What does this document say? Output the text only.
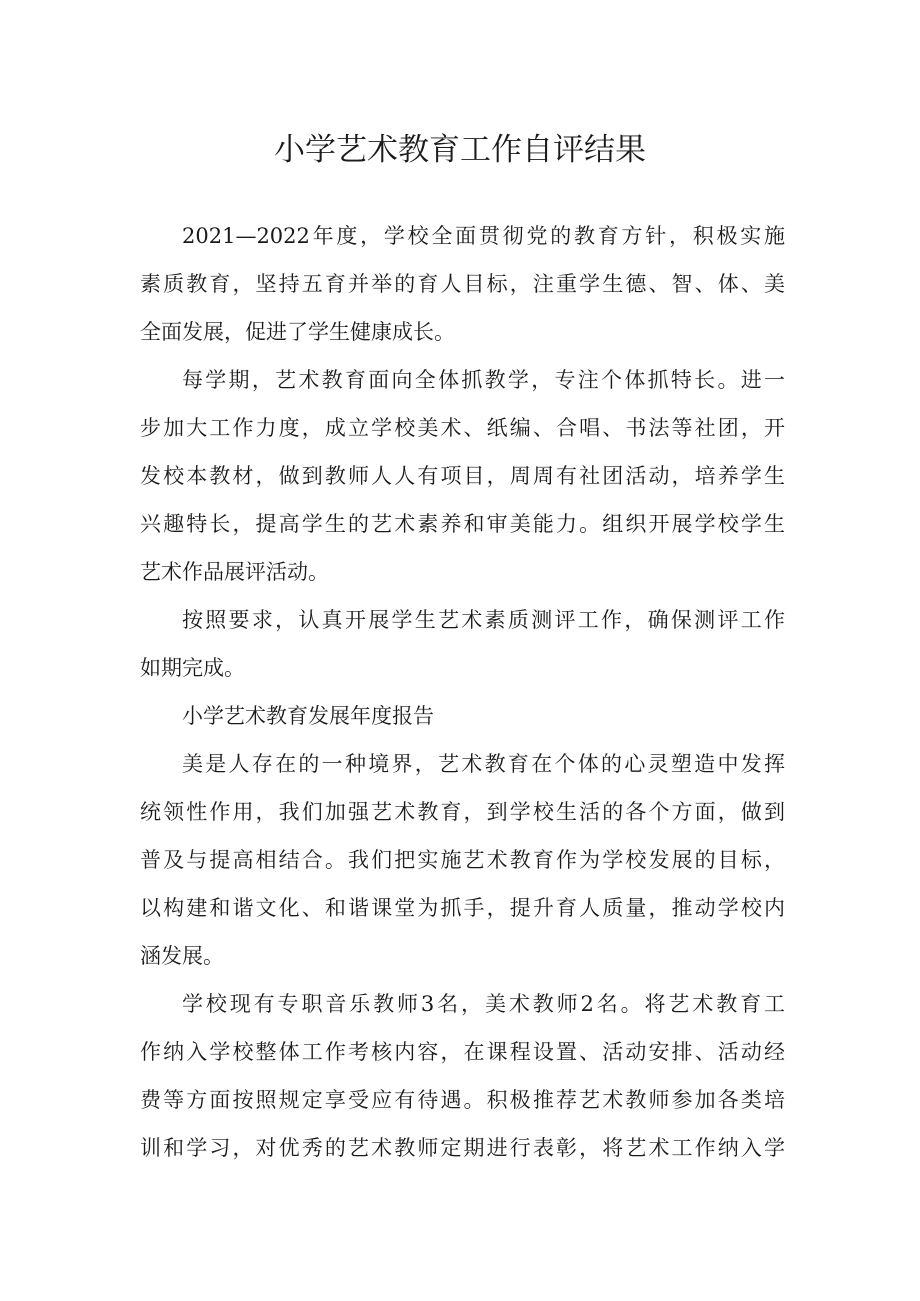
小学艺术教育工作自评结果

2021—2022年度，学校全面贯彻党的教育方针，积极实施
素质教育，坚持五育并举的育人目标，注重学生德、智、体、美
全面发展，促进了学生健康成长。

每学期，艺术教育面向全体抓教学，专注个体抓特长。进一
步加大工作力度，成立学校美术、纸编、合唱、书法等社团，开
发校本教材，做到教师人人有项目，周周有社团活动，培养学生
兴趣特长，提高学生的艺术素养和审美能力。组织开展学校学生
艺术作品展评活动。

按照要求，认真开展学生艺术素质测评工作，确保测评工作
如期完成。

小学艺术教育发展年度报告

美是人存在的一种境界，艺术教育在个体的心灵塑造中发挥
统领性作用，我们加强艺术教育，到学校生活的各个方面，做到
普及与提高相结合。我们把实施艺术教育作为学校发展的目标，
以构建和谐文化、和谐课堂为抓手，提升育人质量，推动学校内
涵发展。

学校现有专职音乐教师3名，美术教师2名。将艺术教育工
作纳入学校整体工作考核内容，在课程设置、活动安排、活动经
费等方面按照规定享受应有待遇。积极推荐艺术教师参加各类培
训和学习，对优秀的艺术教师定期进行表彰，将艺术工作纳入学
